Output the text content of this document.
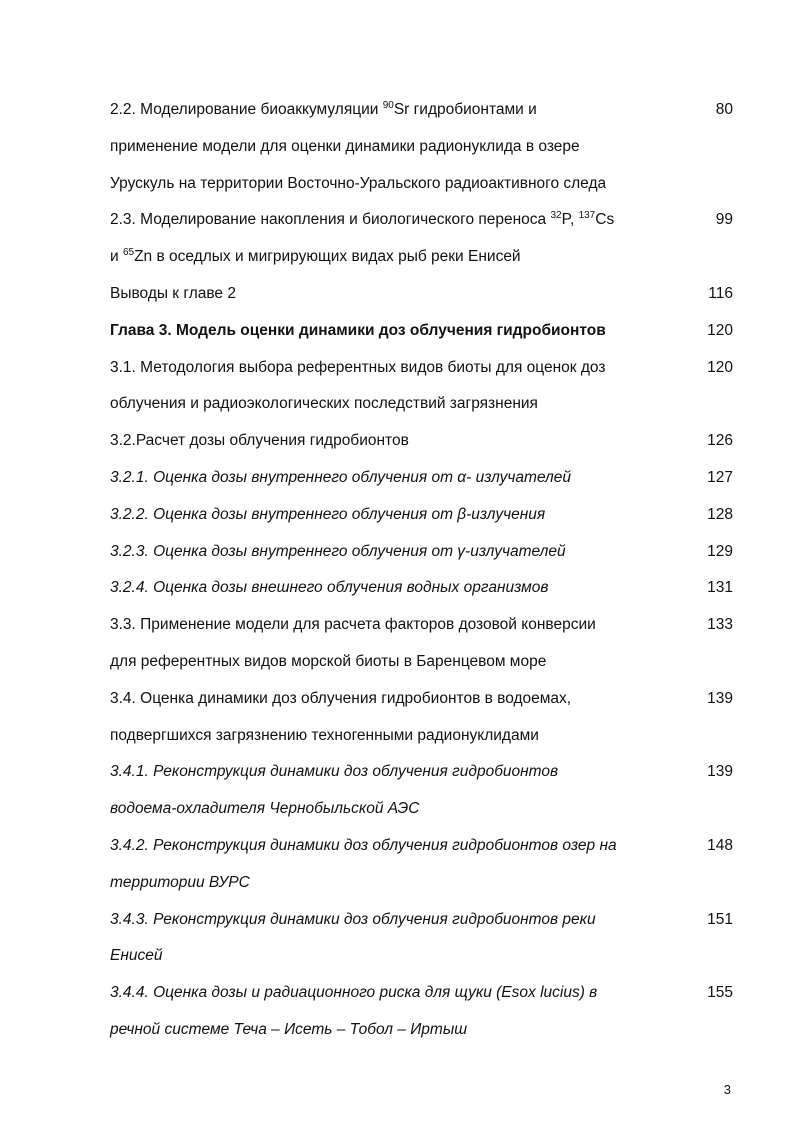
2.2. Моделирование биоаккумуляции $^{90}$Sr гидробионтами и	80
применение модели для оценки динамики радионуклида в озере
Урускуль на территории Восточно-Уральского радиоактивного следа
2.3. Моделирование накопления и биологического переноса $^{32}$P, $^{137}$Cs	99
и $^{65}$Zn в оседлых и мигрирующих видах рыб реки Енисей
Выводы к главе 2	116
Глава 3. Модель оценки динамики доз облучения гидробионтов	120
3.1. Методология выбора референтных видов биоты для оценок доз	120
облучения и радиоэкологических последствий загрязнения
3.2.Расчет дозы облучения гидробионтов	126
3.2.1. Оценка дозы внутреннего облучения от α- излучателей	127
3.2.2. Оценка дозы внутреннего облучения от β-излучения	128
3.2.3. Оценка дозы внутреннего облучения от γ-излучателей	129
3.2.4. Оценка дозы внешнего облучения водных организмов	131
3.3. Применение модели для расчета факторов дозовой конверсии	133
для референтных видов морской биоты в Баренцевом море
3.4. Оценка динамики доз облучения гидробионтов в водоемах,	139
подвергшихся загрязнению техногенными радионуклидами
3.4.1. Реконструкция динамики доз облучения гидробионтов	139
водоема-охладителя Чернобыльской АЭС
3.4.2. Реконструкция динамики доз облучения гидробионтов озер на	148
территории ВУРС
3.4.3. Реконструкция динамики доз облучения гидробионтов реки	151
Енисей
3.4.4. Оценка дозы и радиационного риска для щуки (Esox lucius) в	155
речной системе Теча – Исеть – Тобол – Иртыш
3
